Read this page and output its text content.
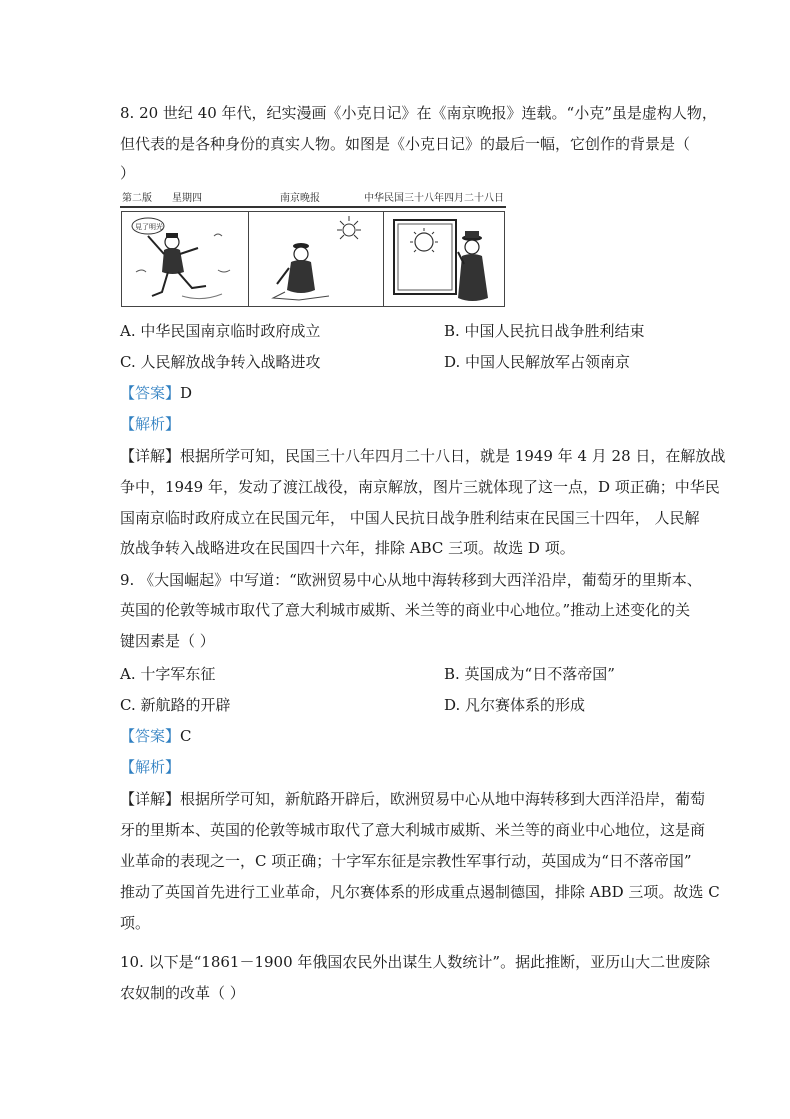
8. 20 世纪 40 年代，纪实漫画《小克日记》在《南京晚报》连载。“小克”虽是虚构人物，
但代表的是各种身份的真实人物。如图是《小克日记》的最后一幅，它创作的背景是（
）
第二版 星期四	南京晚报	中华民国三十八年四月二十八日
見了明光
A. 中华民国南京临时政府成立	B. 中国人民抗日战争胜利结束
C. 人民解放战争转入战略进攻	D. 中国人民解放军占领南京
【答案】D
【解析】
【详解】根据所学可知，民国三十八年四月二十八日，就是 1949 年 4 月 28 日，在解放战
争中，1949 年，发动了渡江战役，南京解放，图片三就体现了这一点，D 项正确；中华民
国南京临时政府成立在民国元年， 中国人民抗日战争胜利结束在民国三十四年， 人民解
放战争转入战略进攻在民国四十六年，排除 ABC 三项。故选 D 项。
9. 《大国崛起》中写道：“欧洲贸易中心从地中海转移到大西洋沿岸，葡萄牙的里斯本、
英国的伦敦等城市取代了意大利城市威斯、米兰等的商业中心地位。”推动上述变化的关
键因素是（ ）
A. 十字军东征	B. 英国成为“日不落帝国”
C. 新航路的开辟	D. 凡尔赛体系的形成
【答案】C
【解析】
【详解】根据所学可知，新航路开辟后，欧洲贸易中心从地中海转移到大西洋沿岸，葡萄
牙的里斯本、英国的伦敦等城市取代了意大利城市威斯、米兰等的商业中心地位，这是商
业革命的表现之一，C 项正确；十字军东征是宗教性军事行动，英国成为“日不落帝国”
推动了英国首先进行工业革命，凡尔赛体系的形成重点遏制德国，排除 ABD 三项。故选 C
项。
10. 以下是“1861－1900 年俄国农民外出谋生人数统计”。据此推断，亚历山大二世废除
农奴制的改革（ ）
